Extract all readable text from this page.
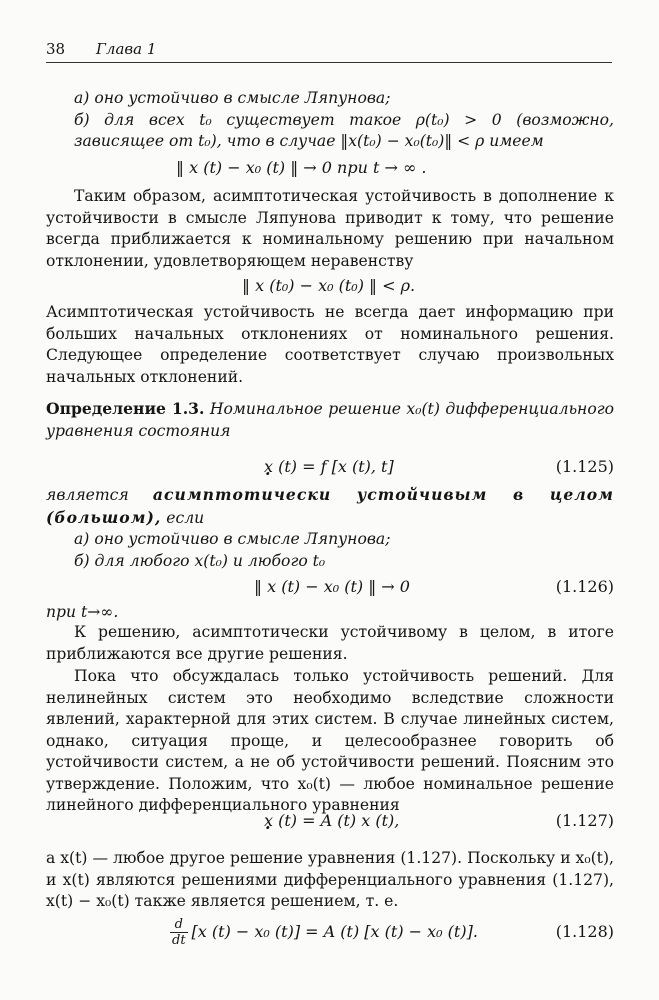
38 Глава 1

а) оно устойчиво в смысле Ляпунова;

б) для всех t₀ существует такое ρ(t₀) > 0 (возможно, зависящее от t₀), что в случае ‖x(t₀) − x₀(t₀)‖ < ρ имеем

‖ x (t) − x₀ (t) ‖ → 0 при t → ∞ .

Таким образом, асимптотическая устойчивость в дополнение к устойчивости в смысле Ляпунова приводит к тому, что решение всегда приближается к номинальному решению при начальном отклонении, удовлетворяющем неравенству

‖ x (t₀) − x₀ (t₀) ‖ < ρ.

Асимптотическая устойчивость не всегда дает информацию при больших начальных отклонениях от номинального решения. Следующее определение соответствует случаю произвольных начальных отклонений.

Определение 1.3. Номинальное решение x₀(t) дифференциального уравнения состояния

x (t) = f [x (t), t]	(1.125)

является асимптотически устойчивым в целом (большом), если

а) оно устойчиво в смысле Ляпунова;

б) для любого x(t₀) и любого t₀

‖ x (t) − x₀ (t) ‖ → 0	(1.126)

при t→∞.

К решению, асимптотически устойчивому в целом, в итоге приближаются все другие решения.

Пока что обсуждалась только устойчивость решений. Для нелинейных систем это необходимо вследствие сложности явлений, характерной для этих систем. В случае линейных систем, однако, ситуация проще, и целесообразнее говорить об устойчивости систем, а не об устойчивости решений. Поясним это утверждение. Положим, что x₀(t) — любое номинальное решение линейного дифференциального уравнения

x (t) = A (t) x (t),	(1.127)

а x(t) — любое другое решение уравнения (1.127). Поскольку и x₀(t), и x(t) являются решениями дифференциального уравнения (1.127), x(t) − x₀(t) также является решением, т. е.

$\frac{d}{dt} [x$ (t) − x₀ (t)] = A (t) [x (t) − x₀ (t)].	(1.128)
